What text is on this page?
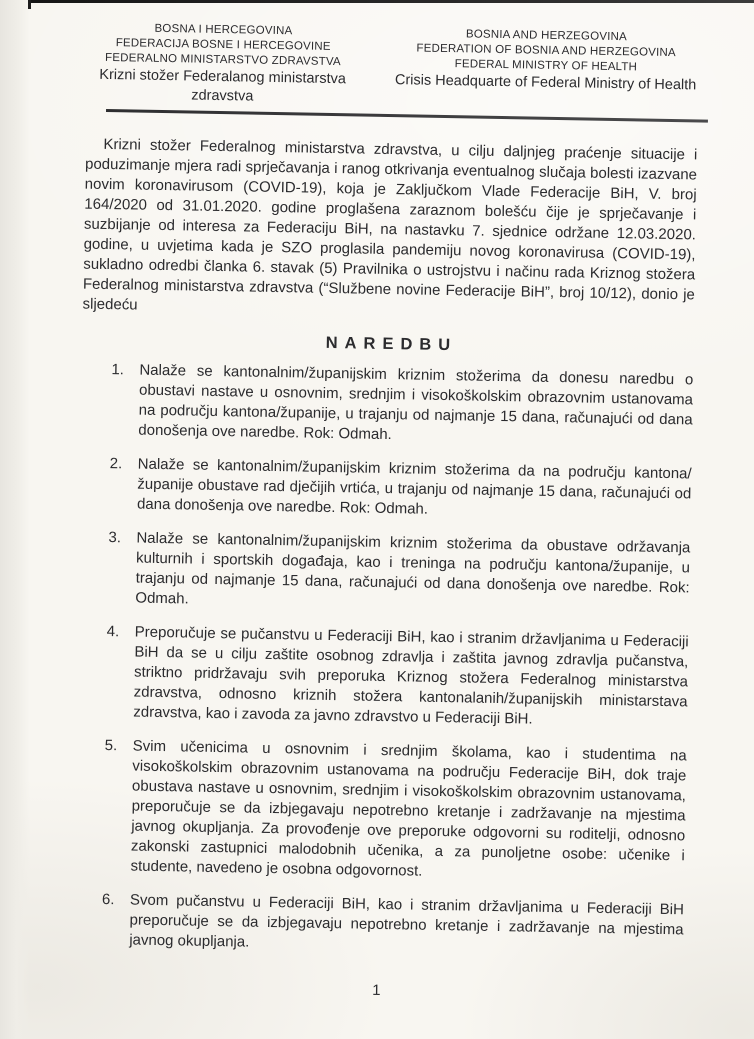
BOSNA I HERCEGOVINA
FEDERACIJA BOSNE I HERCEGOVINE
FEDERALNO MINISTARSTVO ZDRAVSTVA
Krizni stožer Federalanog ministarstva zdravstva
BOSNIA AND HERZEGOVINA
FEDERATION OF BOSNIA AND HERZEGOVINA
FEDERAL MINISTRY OF HEALTH
Crisis Headquarte of Federal Ministry of Health

Krizni stožer Federalnog ministarstva zdravstva, u cilju daljnjeg praćenje situacije i poduzimanje mjera radi sprječavanja i ranog otkrivanja eventualnog slučaja bolesti izazvane novim koronavirusom (COVID-19), koja je Zaključkom Vlade Federacije BiH, V. broj 164/2020 od 31.01.2020. godine proglašena zaraznom bolešću čije je sprječavanje i suzbijanje od interesa za Federaciju BiH, na nastavku 7. sjednice održane 12.03.2020. godine, u uvjetima kada je SZO proglasila pandemiju novog koronavirusa (COVID-19), sukladno odredbi članka 6. stavak (5) Pravilnika o ustrojstvu i načinu rada Kriznog stožera Federalnog ministarstva zdravstva (“Službene novine Federacije BiH”, broj 10/12), donio je sljedeću

NAREDBU
1. Nalaže se kantonalnim/županijskim kriznim stožerima da donesu naredbu o obustavi nastave u osnovnim, srednjim i visokoškolskim obrazovnim ustanovama na području kantona/županije, u trajanju od najmanje 15 dana, računajući od dana donošenja ove naredbe. Rok: Odmah.
2. Nalaže se kantonalnim/županijskim kriznim stožerima da na području kantona/županije obustave rad dječijih vrtića, u trajanju od najmanje 15 dana, računajući od dana donošenja ove naredbe. Rok: Odmah.
3. Nalaže se kantonalnim/županijskim kriznim stožerima da obustave održavanja kulturnih i sportskih događaja, kao i treninga na području kantona/županije, u trajanju od najmanje 15 dana, računajući od dana donošenja ove naredbe. Rok: Odmah.
4. Preporučuje se pučanstvu u Federaciji BiH, kao i stranim državljanima u Federaciji BiH da se u cilju zaštite osobnog zdravlja i zaštita javnog zdravlja pučanstva, striktno pridržavaju svih preporuka Kriznog stožera Federalnog ministarstva zdravstva, odnosno kriznih stožera kantonalanih/županijskih ministarstava zdravstva, kao i zavoda za javno zdravstvo u Federaciji BiH.
5. Svim učenicima u osnovnim i srednjim školama, kao i studentima na visokoškolskim obrazovnim ustanovama na području Federacije BiH, dok traje obustava nastave u osnovnim, srednjim i visokoškolskim obrazovnim ustanovama, preporučuje se da izbjegavaju nepotrebno kretanje i zadržavanje na mjestima javnog okupljanja. Za provođenje ove preporuke odgovorni su roditelji, odnosno zakonski zastupnici malodobnih učenika, a za punoljetne osobe: učenike i studente, navedeno je osobna odgovornost.
6. Svom pučanstvu u Federaciji BiH, kao i stranim državljanima u Federaciji BiH preporučuje se da izbjegavaju nepotrebno kretanje i zadržavanje na mjestima javnog okupljanja.
1
